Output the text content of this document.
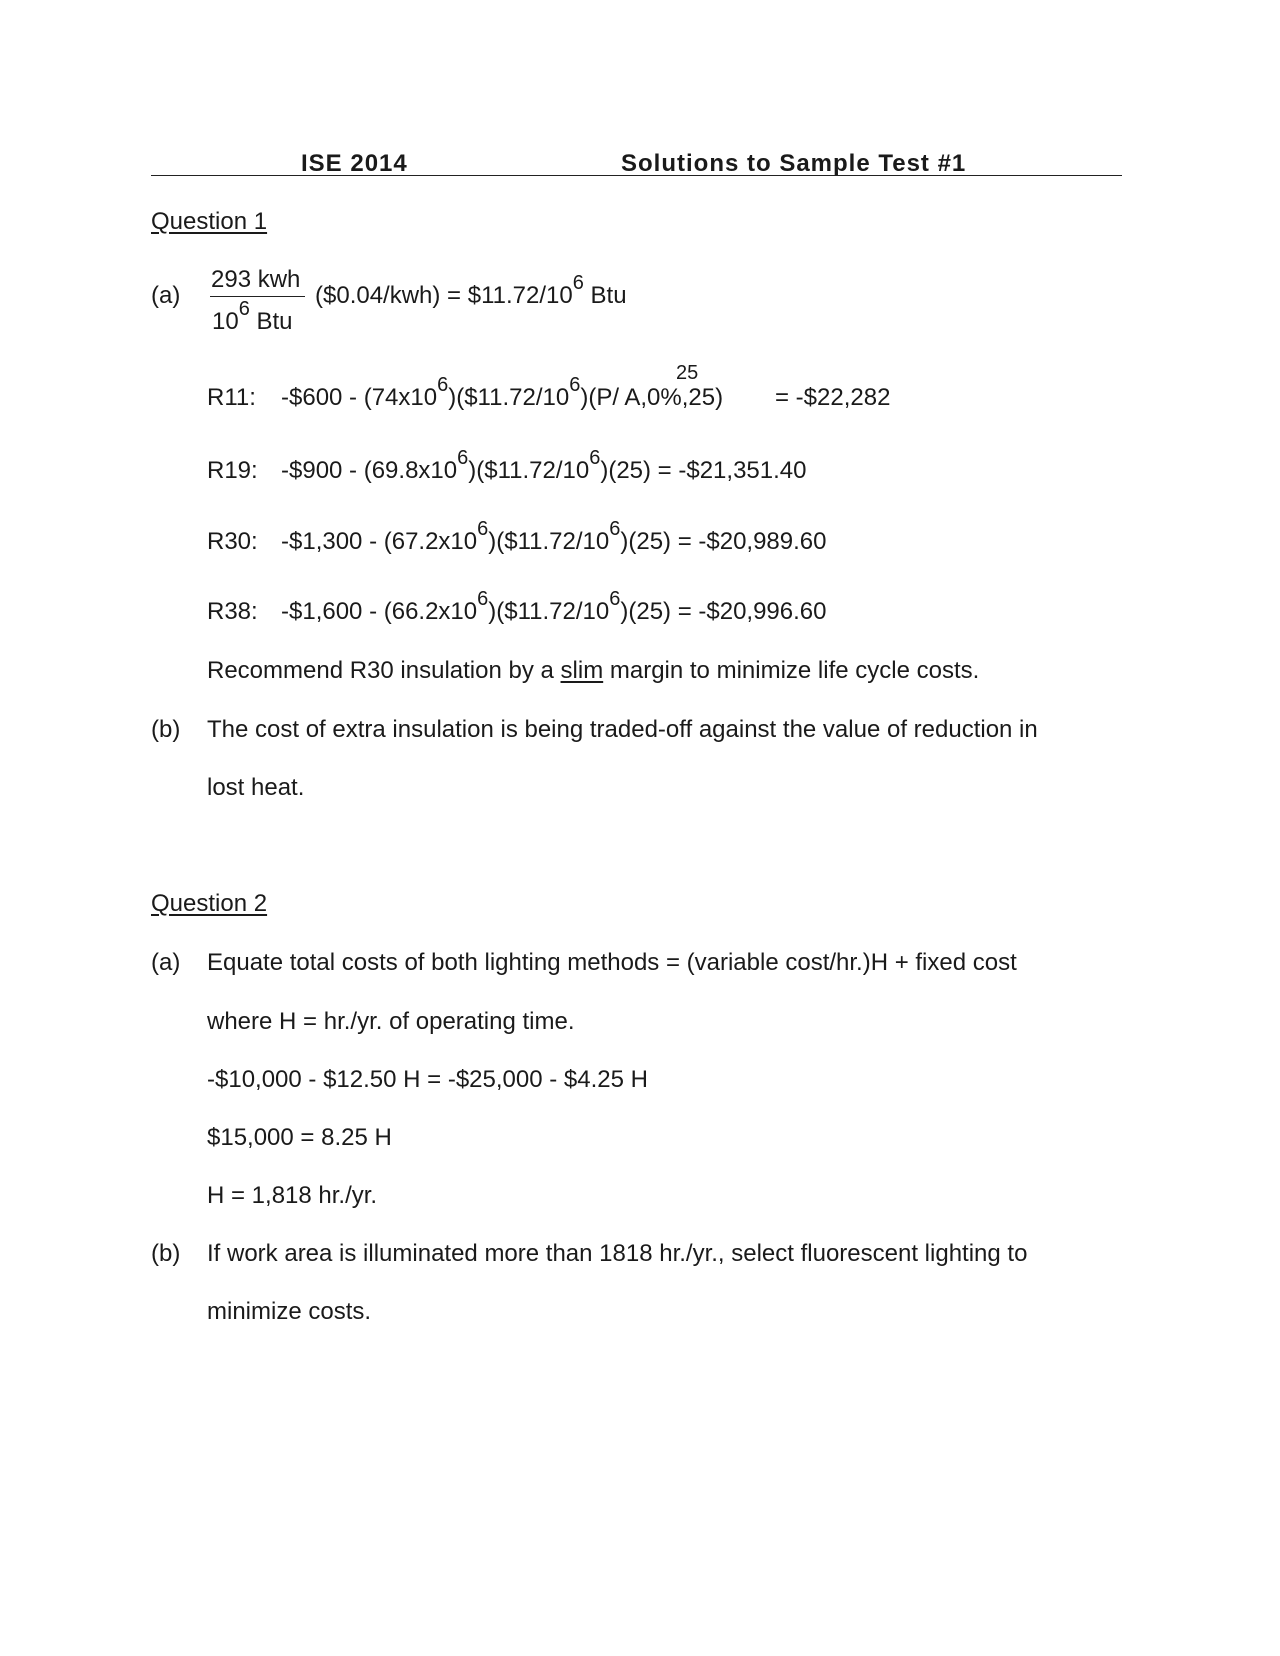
ISE 2014	Solutions to Sample Test #1
Question 1
(a)
293 kwh
$10^6$ Btu
($0.04/kwh) = $\$11.72/10^6$ Btu
R11: -$600 - $(74x10^6)(\$11.72/10^6)(P/$ A,0%,25)
25
= -$22,282
R19: -$900 - $(69.8x10^6)(\$11.72/10^6)(25)$ = -$21,351.40
R30: -$1,300 - $(67.2x10^6)(\$11.72/10^6)(25)$ = -$20,989.60
R38: -$1,600 - $(66.2x10^6)(\$11.72/10^6)(25)$ = -$20,996.60
Recommend R30 insulation by a slim margin to minimize life cycle costs.
(b) The cost of extra insulation is being traded-off against the value of reduction in
lost heat.
Question 2
(a) Equate total costs of both lighting methods = (variable cost/hr.)H + fixed cost
where H = hr./yr. of operating time.
-$10,000 - $12.50 H = -$25,000 - $4.25 H
$15,000 = 8.25 H
H = 1,818 hr./yr.
(b) If work area is illuminated more than 1818 hr./yr., select fluorescent lighting to
minimize costs.
